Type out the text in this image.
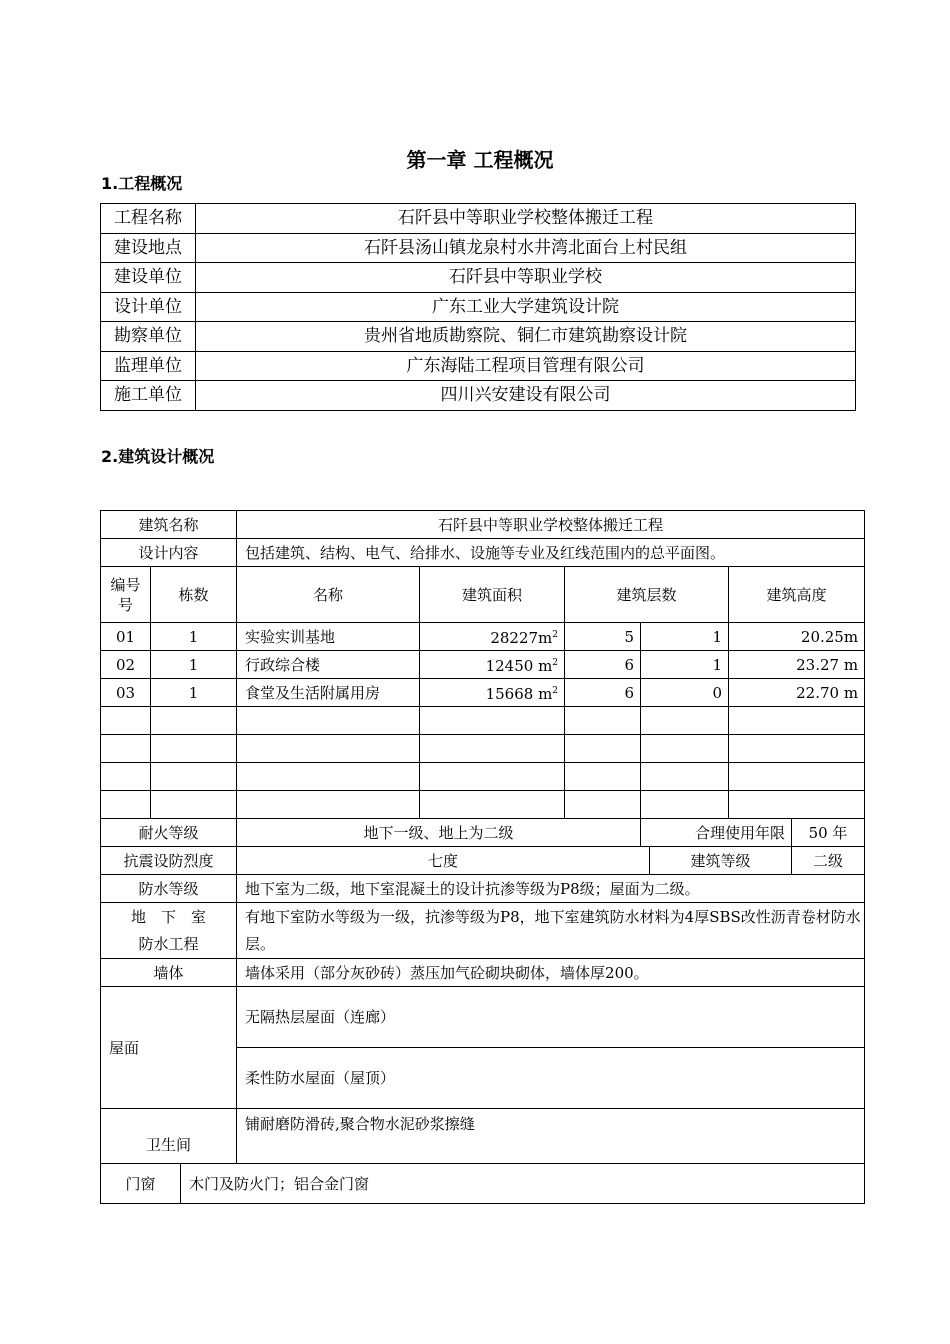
第一章 工程概况
1.工程概况
工程名称	石阡县中等职业学校整体搬迁工程
建设地点	石阡县汤山镇龙泉村水井湾北面台上村民组
建设单位	石阡县中等职业学校
设计单位	广东工业大学建筑设计院
勘察单位	贵州省地质勘察院、铜仁市建筑勘察设计院
监理单位	广东海陆工程项目管理有限公司
施工单位	四川兴安建设有限公司
2.建筑设计概况
建筑名称			石阡县中等职业学校整体搬迁工程						
设计内容			包括建筑、结构、电气、给排水、设施等专业及红线范围内的总平面图。						

编号
号	栋数		名称	建筑面积	建筑层数			建筑高度	
01	1		实验实训基地	$28227m^2$	5	1		20.25m	
02	1		行政综合楼	12450 $m^2$	6	1		23.27 m	
03	1		食堂及生活附属用房	15668 $m^2$	6	0		22.70 m	

耐火等级			地下一级、地上为二级			合理使用年限			50 年
抗震设防烈度			七度				建筑等级		二级
防水等级			地下室为二级，地下室混凝土的设计抗渗等级为P8级；屋面为二级。						

地　下　室
防水工程			有地下室防水等级为一级，抗渗等级为P8，地下室建筑防水材料为4厚SBS改性沥青卷材防水层。						
墙体			墙体采用（部分灰砂砖）蒸压加气砼砌块砌体，墙体厚200。						
屋面			无隔热层屋面（连廊）						
			柔性防水屋面（屋顶）						
卫生间			铺耐磨防滑砖,聚合物水泥砂浆擦缝						
门窗		木门及防火门；铝合金门窗							
